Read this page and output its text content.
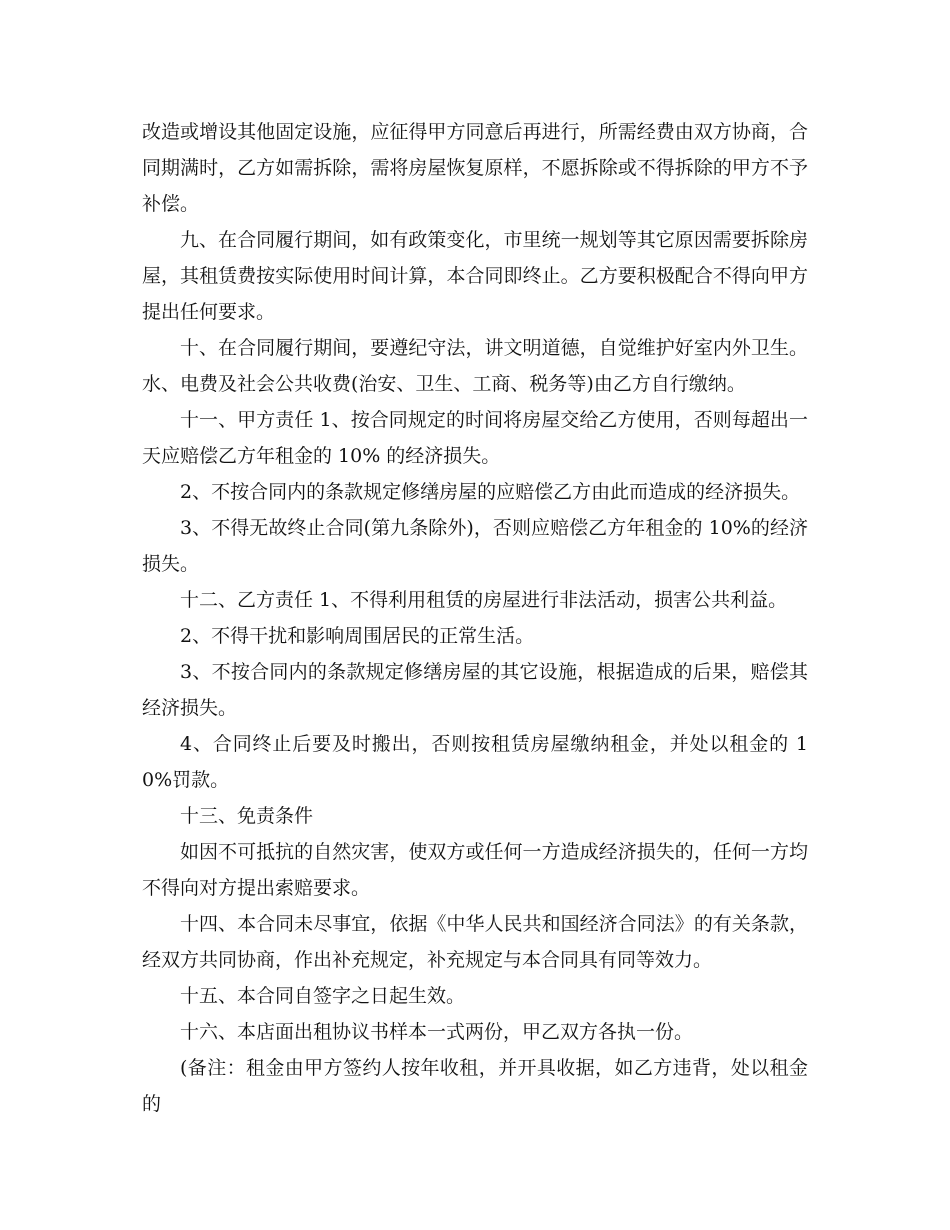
改造或增设其他固定设施，应征得甲方同意后再进行，所需经费由双方协商，合同期满时，乙方如需拆除，需将房屋恢复原样，不愿拆除或不得拆除的甲方不予补偿。

九、在合同履行期间，如有政策变化，市里统一规划等其它原因需要拆除房屋，其租赁费按实际使用时间计算，本合同即终止。乙方要积极配合不得向甲方提出任何要求。

十、在合同履行期间，要遵纪守法，讲文明道德，自觉维护好室内外卫生。水、电费及社会公共收费(治安、卫生、工商、税务等)由乙方自行缴纳。

十一、甲方责任 1、按合同规定的时间将房屋交给乙方使用，否则每超出一天应赔偿乙方年租金的 10% 的经济损失。

2、不按合同内的条款规定修缮房屋的应赔偿乙方由此而造成的经济损失。

3、不得无故终止合同(第九条除外)，否则应赔偿乙方年租金的 10%的经济损失。

十二、乙方责任 1、不得利用租赁的房屋进行非法活动，损害公共利益。

2、不得干扰和影响周围居民的正常生活。

3、不按合同内的条款规定修缮房屋的其它设施，根据造成的后果，赔偿其经济损失。

4、合同终止后要及时搬出，否则按租赁房屋缴纳租金，并处以租金的 10%罚款。

十三、免责条件

如因不可抵抗的自然灾害，使双方或任何一方造成经济损失的，任何一方均不得向对方提出索赔要求。

十四、本合同未尽事宜，依据《中华人民共和国经济合同法》的有关条款，经双方共同协商，作出补充规定，补充规定与本合同具有同等效力。

十五、本合同自签字之日起生效。

十六、本店面出租协议书样本一式两份，甲乙双方各执一份。

(备注：租金由甲方签约人按年收租，并开具收据，如乙方违背，处以租金的
